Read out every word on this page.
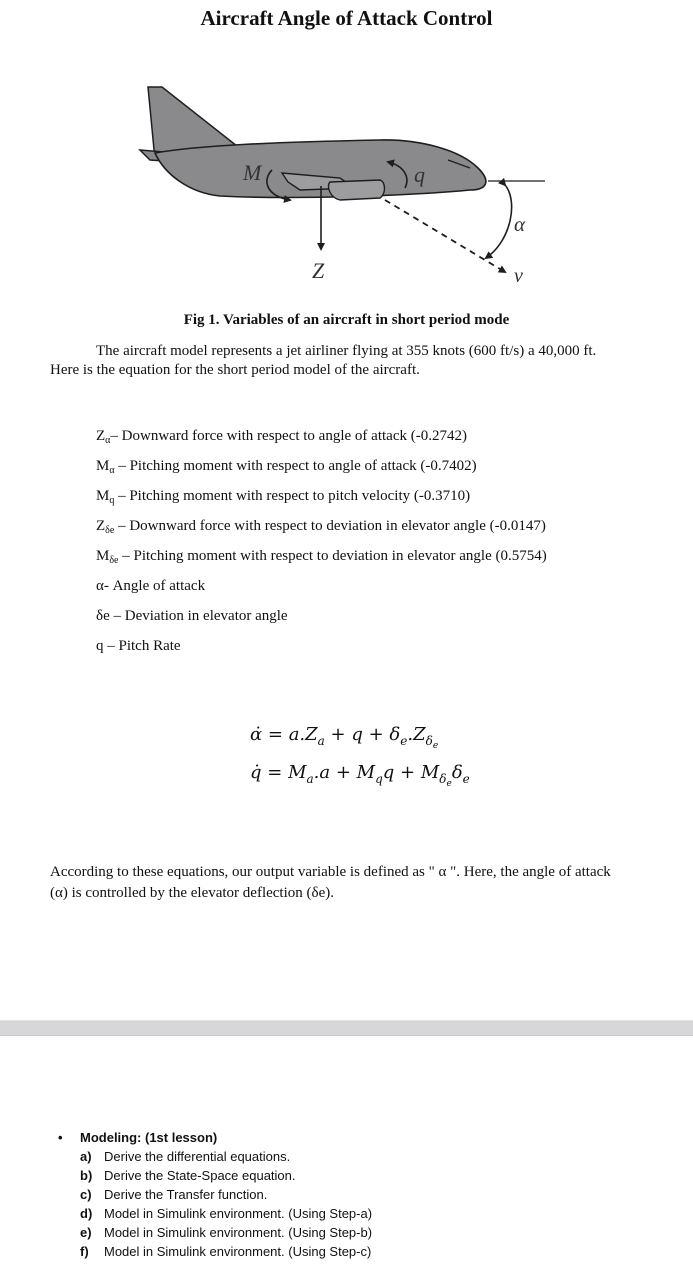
Aircraft Angle of Attack Control
M	q
Z
α
v
Fig 1. Variables of an aircraft in short period mode
The aircraft model represents a jet airliner flying at 355 knots (600 ft/s) a 40,000 ft.
Here is the equation for the short period model of the aircraft.
$Z_\alpha-$ Downward force with respect to angle of attack (-0.2742)
$M_\alpha$ – Pitching moment with respect to angle of attack (-0.7402)
$M_q$ – Pitching moment with respect to pitch velocity (-0.3710)
$Z_{\delta e}$ – Downward force with respect to deviation in elevator angle (-0.0147)
$M_{\delta e}$ – Pitching moment with respect to deviation in elevator angle (0.5754)
α- Angle of attack
δe – Deviation in elevator angle
q – Pitch Rate
α̇ = $a.Z_a + q + \delta_e.Z_{\delta_e}$
q̇ = $M_a.a + M_qq + M_{\delta_e}\delta_e$
According to these equations, our output variable is defined as " α ". Here, the angle of attack
(α) is controlled by the elevator deflection (δe).
• Modeling: (1st lesson)
a) Derive the differential equations.
b) Derive the State-Space equation.
c) Derive the Transfer function.
d) Model in Simulink environment. (Using Step-a)
e) Model in Simulink environment. (Using Step-b)
f) Model in Simulink environment. (Using Step-c)
